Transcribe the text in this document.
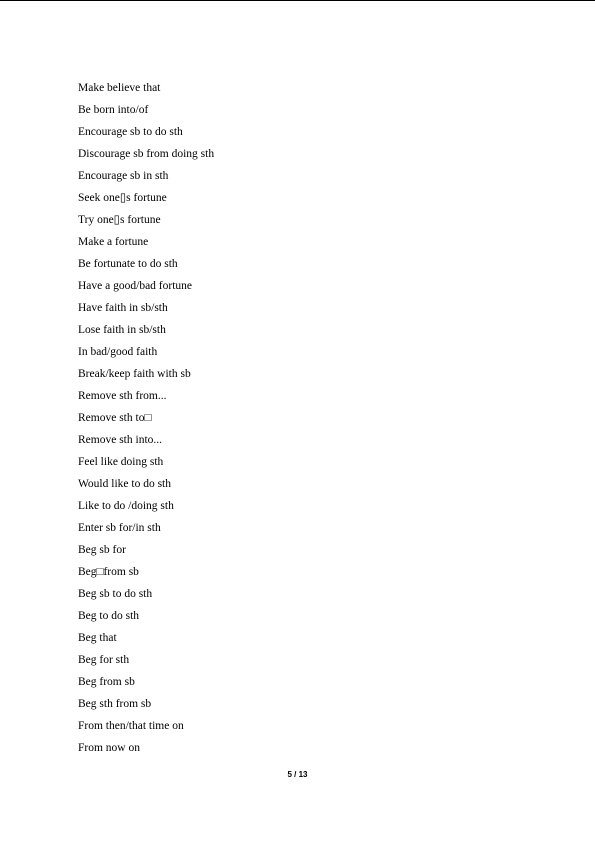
Make believe that
Be born into/of
Encourage sb to do sth
Discourage sb from doing sth
Encourage sb in sth
Seek one▯s fortune
Try one▯s fortune
Make a fortune
Be fortunate to do sth
Have a good/bad fortune
Have faith in sb/sth
Lose faith in sb/sth
In bad/good faith
Break/keep faith with sb
Remove sth from...
Remove sth to□
Remove sth into...
Feel like doing sth
Would like to do sth
Like to do /doing sth
Enter sb for/in sth
Beg sb for
Beg□from sb
Beg sb to do sth
Beg to do sth
Beg that
Beg for sth
Beg from sb
Beg sth from sb
From then/that time on
From now on
5 / 13
